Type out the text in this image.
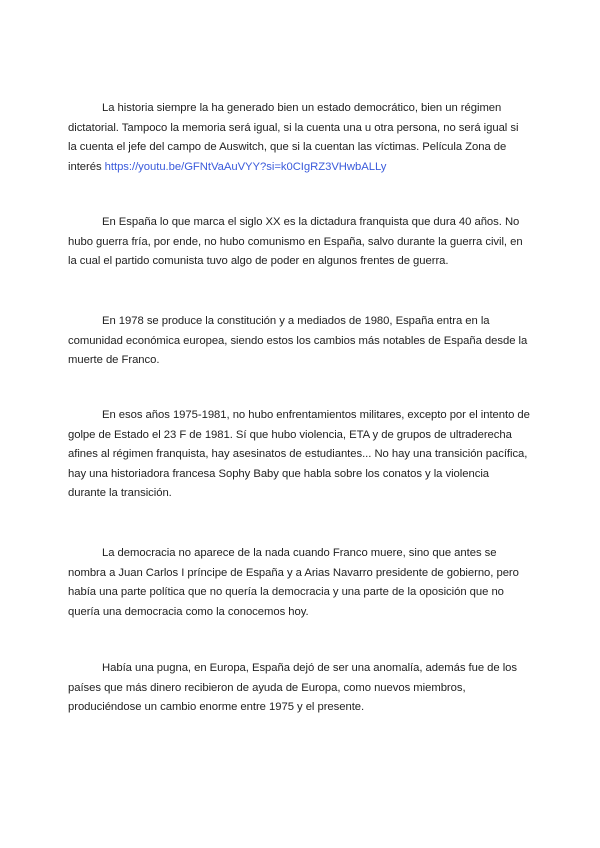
La historia siempre la ha generado bien un estado democrático, bien un régimen dictatorial. Tampoco la memoria será igual, si la cuenta una u otra persona, no será igual si la cuenta el jefe del campo de Auswitch, que si la cuentan las víctimas. Película Zona de interés https://youtu.be/GFNtVaAuVYY?si=k0CIgRZ3VHwbALLy

En España lo que marca el siglo XX es la dictadura franquista que dura 40 años. No hubo guerra fría, por ende, no hubo comunismo en España, salvo durante la guerra civil, en la cual el partido comunista tuvo algo de poder en algunos frentes de guerra.

En 1978 se produce la constitución y a mediados de 1980, España entra en la comunidad económica europea, siendo estos los cambios más notables de España desde la muerte de Franco.

En esos años 1975-1981, no hubo enfrentamientos militares, excepto por el intento de golpe de Estado el 23 F de 1981. Sí que hubo violencia, ETA y de grupos de ultraderecha afines al régimen franquista, hay asesinatos de estudiantes... No hay una transición pacífica, hay una historiadora francesa Sophy Baby que habla sobre los conatos y la violencia durante la transición.

La democracia no aparece de la nada cuando Franco muere, sino que antes se nombra a Juan Carlos I príncipe de España y a Arias Navarro presidente de gobierno, pero había una parte política que no quería la democracia y una parte de la oposición que no quería una democracia como la conocemos hoy.

Había una pugna, en Europa, España dejó de ser una anomalía, además fue de los países que más dinero recibieron de ayuda de Europa, como nuevos miembros, produciéndose un cambio enorme entre 1975 y el presente.
